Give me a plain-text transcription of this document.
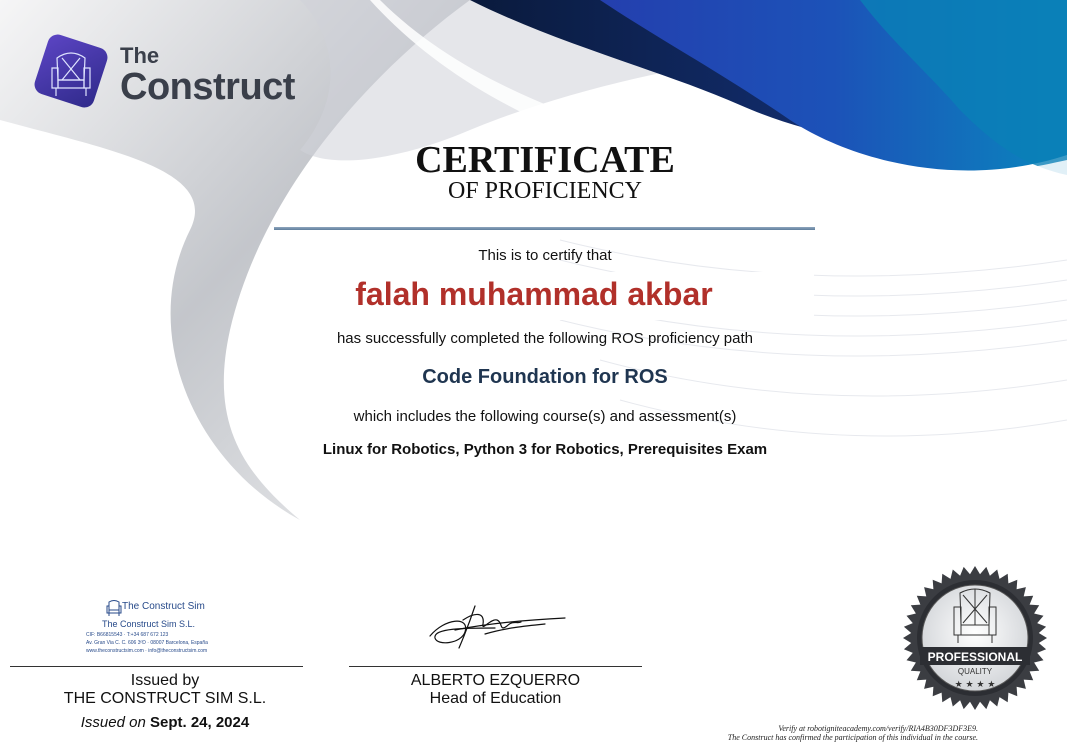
The
Construct
CERTIFICATE
OF PROFICIENCY
This is to certify that
falah muhammad akbar
has successfully completed the following ROS proficiency path
Code Foundation for ROS
which includes the following course(s) and assessment(s)
Linux for Robotics, Python 3 for Robotics, Prerequisites Exam
The Construct Sim
The Construct Sim S.L.
CIF: B66815543 · T:+34 687 672 123
Av. Gran Via C. C. 606 3ºD · 08007 Barcelona, España
www.theconstructsim.com · info@theconstructsim.com
Issued by
THE CONSTRUCT SIM S.L.
Issued on Sept. 24, 2024
ALBERTO EZQUERRO
Head of Education
PROFESSIONAL
QUALITY
★ ★ ★ ★
Verify at robotigniteacademy.com/verify/RIA4B30DF3DF3E9.
The Construct has confirmed the participation of this individual in the course.
